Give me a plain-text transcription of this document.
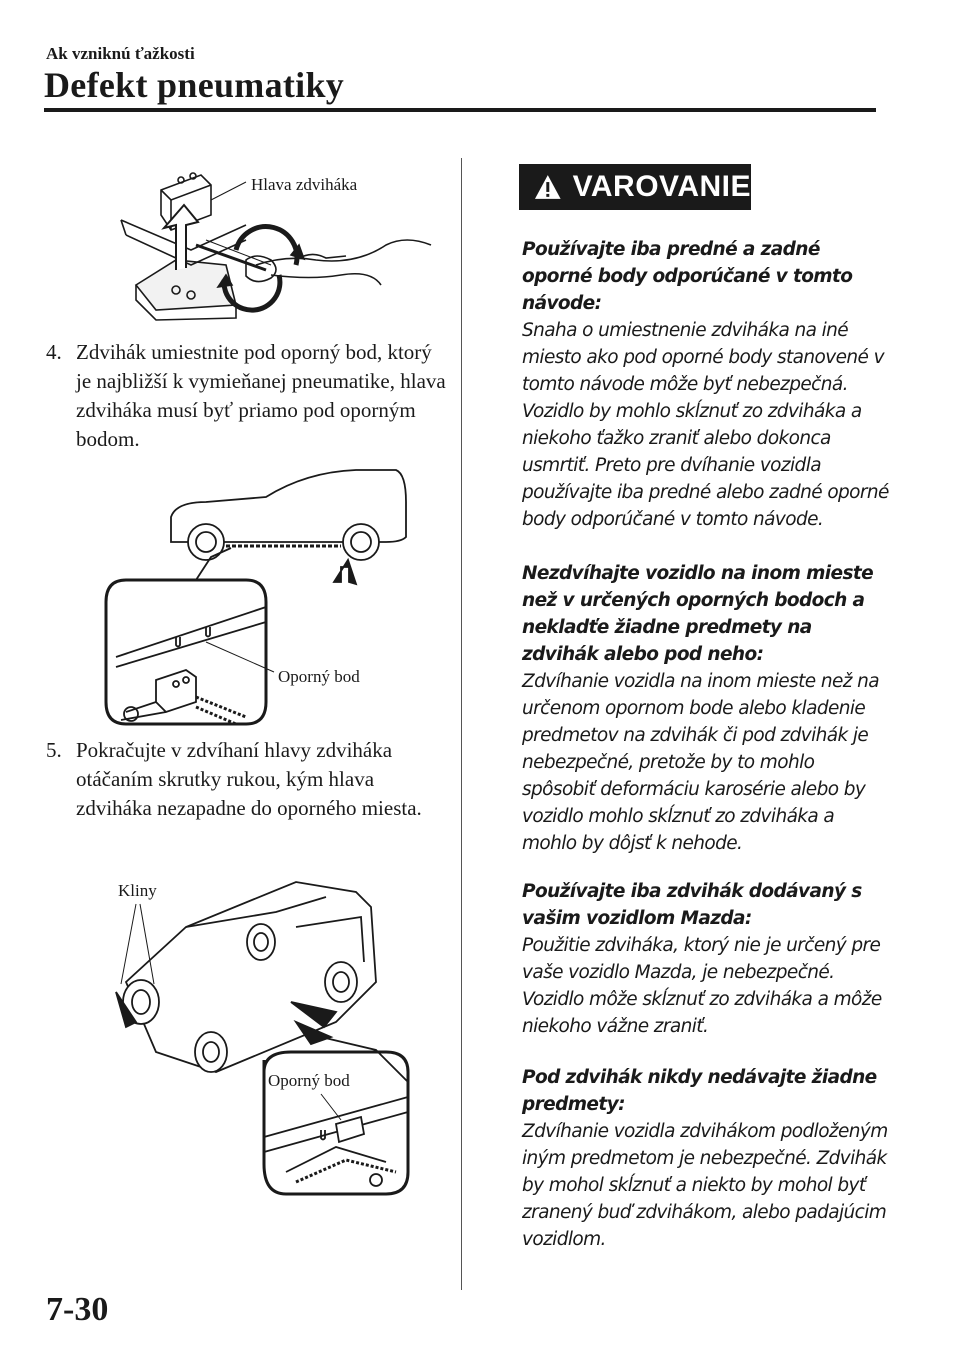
Ak vzniknú ťažkosti
Defekt pneumatiky
Hlava zdviháka
4. Zdvihák umiestnite pod oporný bod, ktorý je najbližší k vymieňanej pneumatike, hlava zdviháka musí byť priamo pod oporným bodom.
Oporný bod
5. Pokračujte v zdvíhaní hlavy zdviháka otáčaním skrutky rukou, kým hlava zdviháka nezapadne do oporného miesta.
Kliny
Oporný bod
VAROVANIE

Používajte iba predné a zadné oporné body odporúčané v tomto návode:

Snaha o umiestnenie zdviháka na iné miesto ako pod oporné body stanovené v tomto návode môže byť nebezpečná. Vozidlo by mohlo skĺznuť zo zdviháka a niekoho ťažko zraniť alebo dokonca usmrtiť. Preto pre dvíhanie vozidla používajte iba predné alebo zadné oporné body odporúčané v tomto návode.

Nezdvíhajte vozidlo na inom mieste než v určených oporných bodoch a nekladťe žiadne predmety na zdvihák alebo pod neho:

Zdvíhanie vozidla na inom mieste než na určenom opornom bode alebo kladenie predmetov na zdvihák či pod zdvihák je nebezpečné, pretože by to mohlo spôsobiť deformáciu karosérie alebo by vozidlo mohlo skĺznuť zo zdviháka a mohlo by dôjsť k nehode.

Používajte iba zdvihák dodávaný s vašim vozidlom Mazda:

Použitie zdviháka, ktorý nie je určený pre vaše vozidlo Mazda, je nebezpečné. Vozidlo môže skĺznuť zo zdviháka a môže niekoho vážne zraniť.

Pod zdvihák nikdy nedávajte žiadne predmety:

Zdvíhanie vozidla zdvihákom podloženým iným predmetom je nebezpečné. Zdvihák by mohol skĺznuť a niekto by mohol byť zranený buď zdvihákom, alebo padajúcim vozidlom.

7-30
